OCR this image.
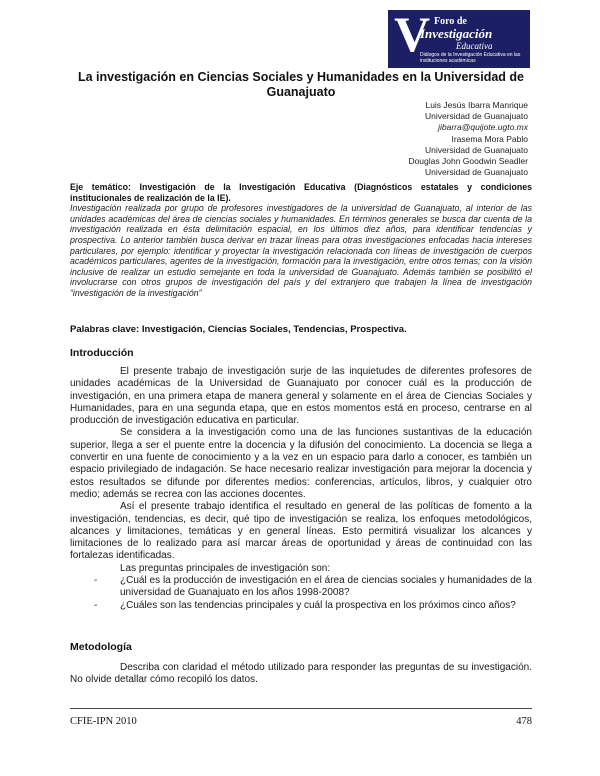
V Foro de
Investigación
Educativa
Diálogos de la Investigación Educativa en las instituciones académicas
La investigación en Ciencias Sociales y Humanidades en la Universidad de Guanajuato
Luis Jesús Ibarra Manrique
Universidad de Guanajuato
jibarra@quijote.ugto.mx
Irasema Mora Pablo
Universidad de Guanajuato
Douglas John Goodwin Seadler
Universidad de Guanajuato
Eje temático: Investigación de la Investigación Educativa (Diagnósticos estatales y condiciones institucionales de realización de la IE).
Investigación realizada por grupo de profesores investigadores de la universidad de Guanajuato, al interior de las unidades académicas del área de ciencias sociales y humanidades. En términos generales se busca dar cuenta de la investigación realizada en ésta delimitación espacial, en los últimos diez años, para identificar tendencias y prospectiva. Lo anterior también busca derivar en trazar líneas para otras investigaciones enfocadas hacia intereses particulares, por ejemplo: identificar y proyectar la investigación relacionada con líneas de investigación de cuerpos académicos particulares, agentes de la investigación, formación para la investigación, entre otros temas; con la visión inclusive de realizar un estudio semejante en toda la universidad de Guanajuato. Además también se posibilitó el involucrarse con otros grupos de investigación del país y del extranjero que trabajen la línea de investigación “investigación de la investigación”
Palabras clave: Investigación, Ciencias Sociales, Tendencias, Prospectiva.
Introducción

El presente trabajo de investigación surje de las inquietudes de diferentes profesores de unidades académicas de la Universidad de Guanajuato por conocer cuál es la producción de investigación, en una primera etapa de manera general y solamente en el área de Ciencias Sociales y Humanidades, para en una segunda etapa, que en estos momentos está en proceso, centrarse en al producción de investigación educativa en particular.

Se considera a la investigación como una de las funciones sustantivas de la educación superior, llega a ser el puente entre la docencia y la difusión del conocimiento. La docencia se llega a convertir en una fuente de conocimiento y a la vez en un espacio para darlo a conocer, es también un espacio privilegiado de indagación. Se hace necesario realizar investigación para mejorar la docencia y estos resultados se difunde por diferentes medios: conferencias, artículos, libros, y cualquier otro medio; además se recrea con las acciones docentes.

Así el presente trabajo identifica el resultado en general de las políticas de fomento a la investigación, tendencias, es decir, qué tipo de investigación se realiza, los enfoques metodológicos, alcances y limitaciones, temáticas y en general líneas. Esto permitirá visualizar los alcances y limitaciones de lo realizado para así marcar áreas de oportunidad y áreas de continuidad con las fortalezas identificadas.

Las preguntas principales de investigación son:

- ¿Cuál es la producción de investigación en el área de ciencias sociales y humanidades de la universidad de Guanajuato en los años 1998-2008?
- ¿Cuáles son las tendencias principales y cuál la prospectiva en los próximos cinco años?
Metodología

Describa con claridad el método utilizado para responder las preguntas de su investigación. No olvide detallar cómo recopiló los datos.

CFIE-IPN 2010	478
